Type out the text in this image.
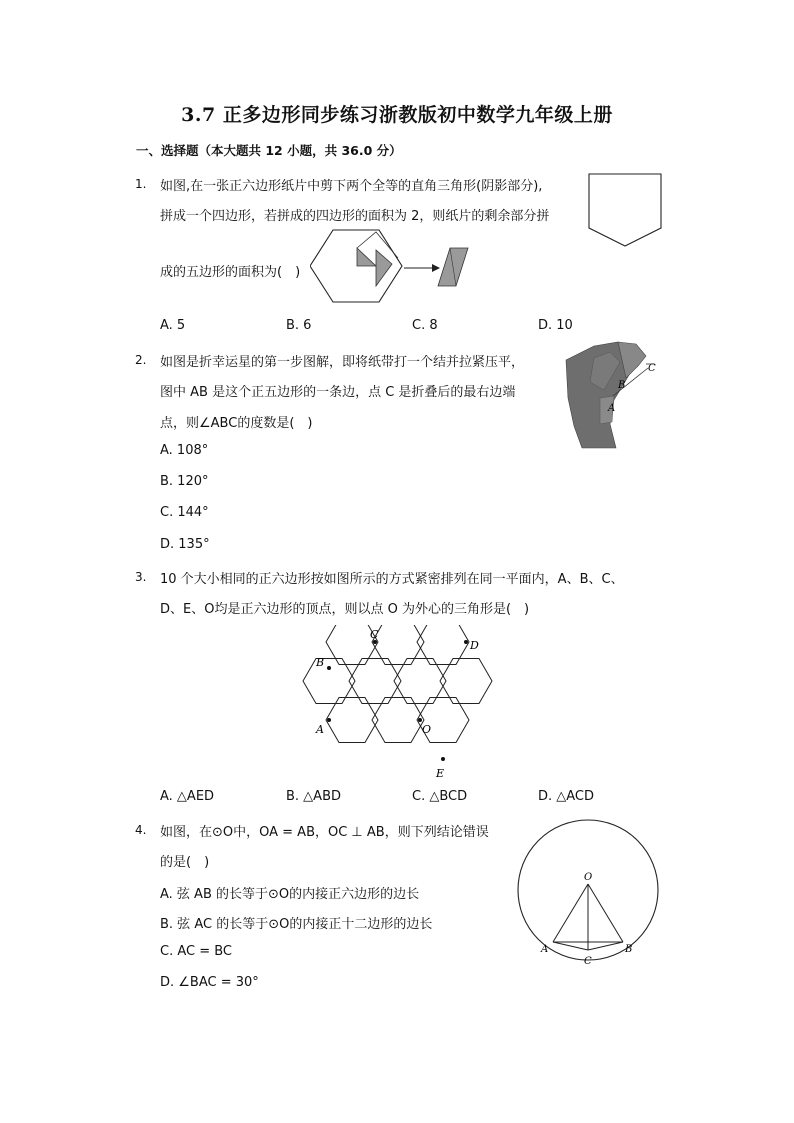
3.7 正多边形同步练习浙教版初中数学九年级上册
一、选择题（本大题共 12 小题，共 36.0 分）
1. 如图,在一张正六边形纸片中剪下两个全等的直角三角形(阴影部分),
拼成一个四边形，若拼成的四边形的面积为 2，则纸片的剩余部分拼
成的五边形的面积为(　)
A. 5	B. 6	C. 8	D. 10
2. 如图是折幸运星的第一步图解，即将纸带打一个结并拉紧压平，
图中 AB 是这个正五边形的一条边，点 C 是折叠后的最右边端
点，则∠ABC的度数是(　)
A
B
C
A. 108°
B. 120°
C. 144°
D. 135°
3. 10 个大小相同的正六边形按如图所示的方式紧密排列在同一平面内，A、B、C、
D、E、O均是正六边形的顶点，则以点 O 为外心的三角形是(　)
B
C
D
A	O
E
A. △AED	B. △ABD	C. △BCD	D. △ACD
4. 如图，在⊙O中，OA = AB，OC ⊥ AB，则下列结论错误
的是(　)
A. 弦 AB 的长等于⊙O的内接正六边形的边长
B. 弦 AC 的长等于⊙O的内接正十二边形的边长
C. AC = BC
D. ∠BAC = 30°
O
A	B
C
